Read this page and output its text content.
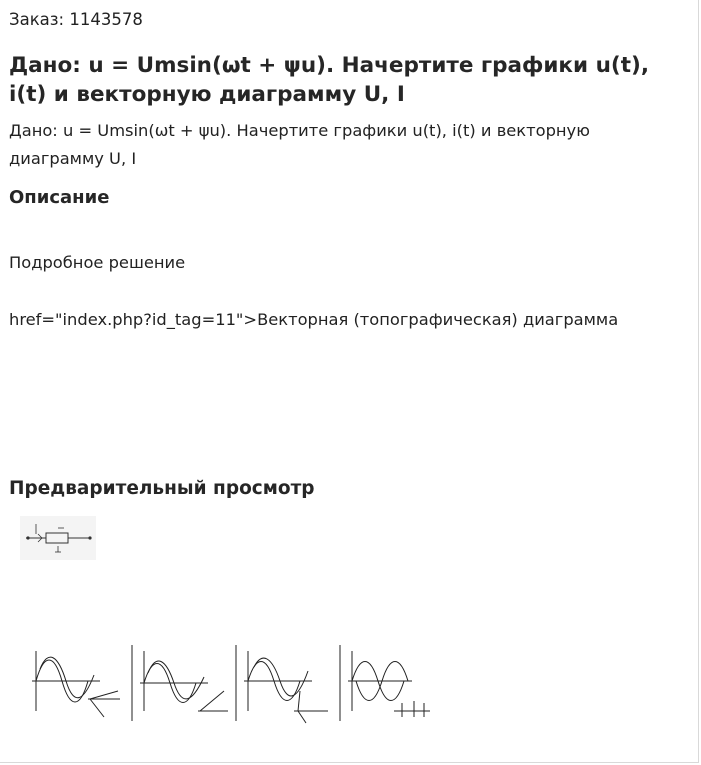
Заказ: 1143578
Дано: u = Umsin(ωt + ψu). Начертите графики u(t), i(t) и векторную диаграмму U, I

Дано: u = Umsin(ωt + ψu). Начертите графики u(t), i(t) и векторную диаграмму U, I

Описание

Подробное решение

href="index.php?id_tag=11">Векторная (топографическая) диаграмма
Предварительный просмотр
